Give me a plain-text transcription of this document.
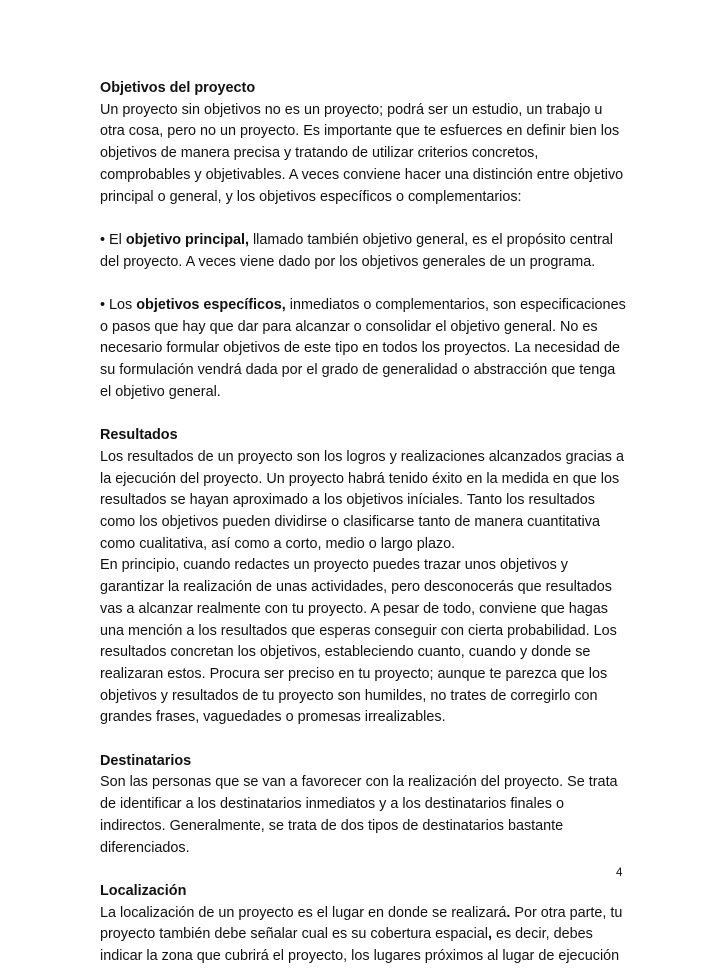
Objetivos del proyecto

Un proyecto sin objetivos no es un proyecto; podrá ser un estudio, un trabajo u otra cosa, pero no un proyecto. Es importante que te esfuerces en definir bien los objetivos de manera precisa y tratando de utilizar criterios concretos, comprobables y objetivables. A veces conviene hacer una distinción entre objetivo principal o general, y los objetivos específicos o complementarios:

• El objetivo principal, llamado también objetivo general, es el propósito central del proyecto. A veces viene dado por los objetivos generales de un programa.

• Los objetivos específicos, inmediatos o complementarios, son especificaciones o pasos que hay que dar para alcanzar o consolidar el objetivo general. No es necesario formular objetivos de este tipo en todos los proyectos. La necesidad de su formulación vendrá dada por el grado de generalidad o abstracción que tenga el objetivo general.

Resultados

Los resultados de un proyecto son los logros y realizaciones alcanzados gracias a la ejecución del proyecto. Un proyecto habrá tenido éxito en la medida en que los resultados se hayan aproximado a los objetivos iníciales. Tanto los resultados como los objetivos pueden dividirse o clasificarse tanto de manera cuantitativa como cualitativa, así como a corto, medio o largo plazo.

En principio, cuando redactes un proyecto puedes trazar unos objetivos y garantizar la realización de unas actividades, pero desconocerás que resultados vas a alcanzar realmente con tu proyecto. A pesar de todo, conviene que hagas una mención a los resultados que esperas conseguir con cierta probabilidad. Los resultados concretan los objetivos, estableciendo cuanto, cuando y donde se realizaran estos. Procura ser preciso en tu proyecto; aunque te parezca que los objetivos y resultados de tu proyecto son humildes, no trates de corregirlo con grandes frases, vaguedades o promesas irrealizables.

Destinatarios

Son las personas que se van a favorecer con la realización del proyecto. Se trata de identificar a los destinatarios inmediatos y a los destinatarios finales o indirectos. Generalmente, se trata de dos tipos de destinatarios bastante diferenciados.

Localización

La localización de un proyecto es el lugar en donde se realizará. Por otra parte, tu proyecto también debe señalar cual es su cobertura espacial, es decir, debes indicar la zona que cubrirá el proyecto, los lugares próximos al lugar de ejecución

4
